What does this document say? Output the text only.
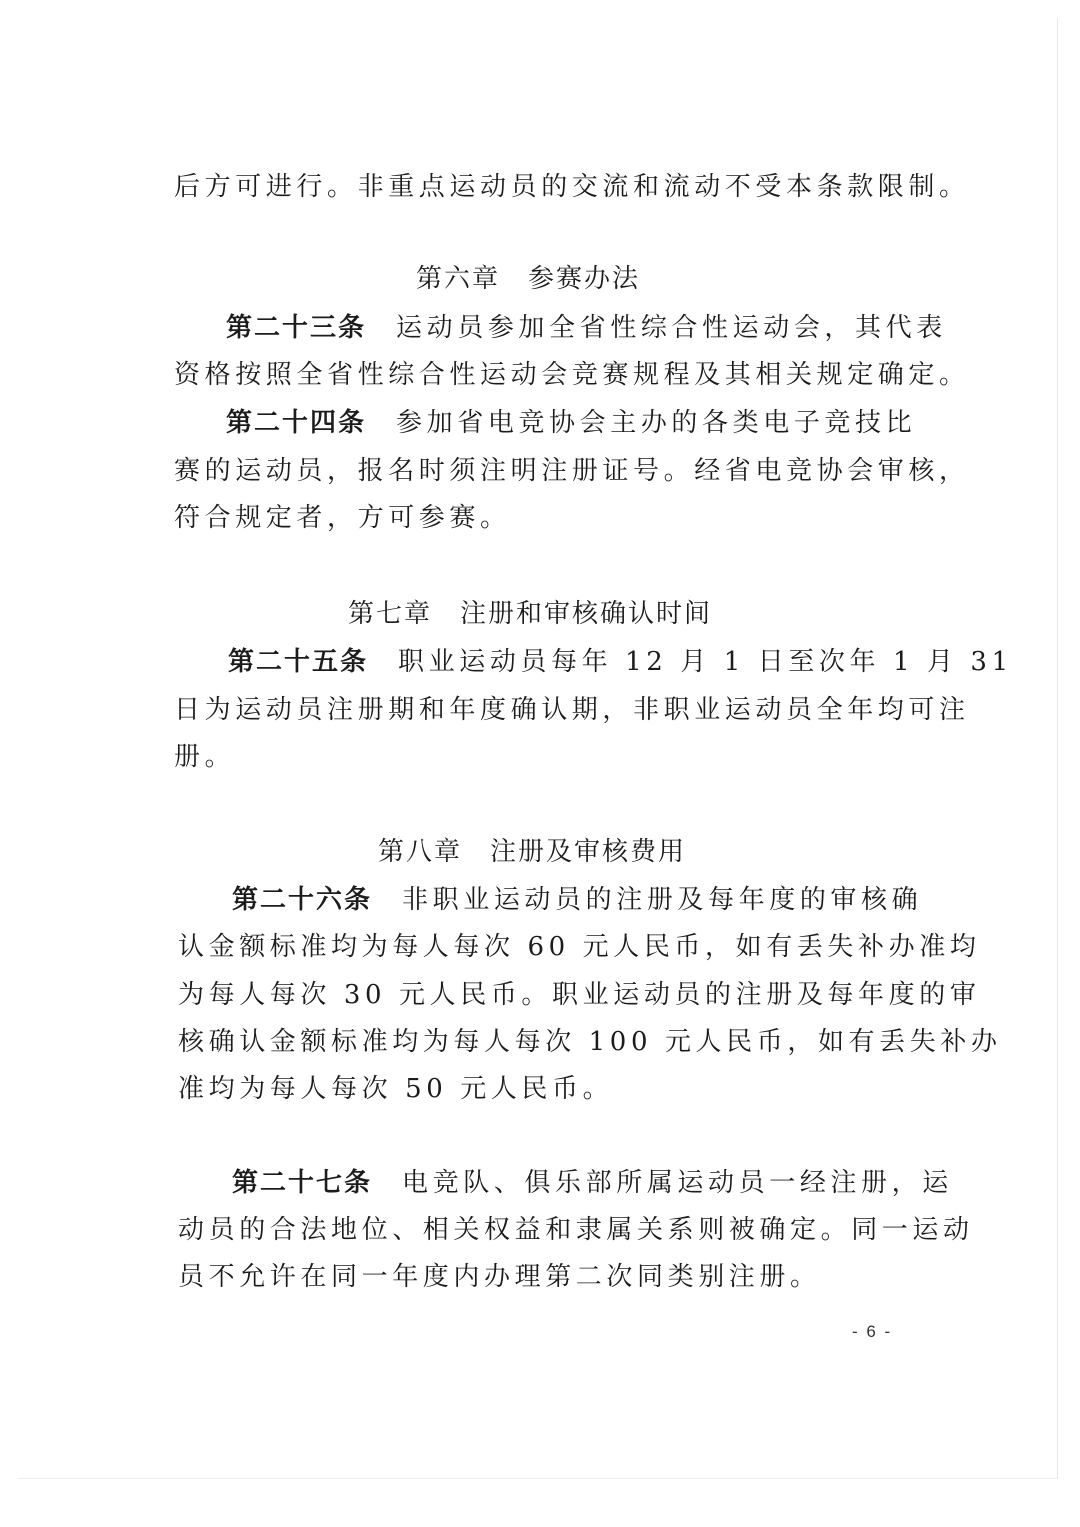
后方可进行。非重点运动员的交流和流动不受本条款限制。
第六章 参赛办法
第二十三条 运动员参加全省性综合性运动会，其代表
资格按照全省性综合性运动会竞赛规程及其相关规定确定。
第二十四条 参加省电竞协会主办的各类电子竞技比
赛的运动员，报名时须注明注册证号。经省电竞协会审核，
符合规定者，方可参赛。
第七章 注册和审核确认时间
第二十五条 职业运动员每年 12 月 1 日至次年 1 月 31
日为运动员注册期和年度确认期，非职业运动员全年均可注
册。
第八章 注册及审核费用
第二十六条 非职业运动员的注册及每年度的审核确
认金额标准均为每人每次 60 元人民币，如有丢失补办准均
为每人每次 30 元人民币。职业运动员的注册及每年度的审
核确认金额标准均为每人每次 100 元人民币，如有丢失补办
准均为每人每次 50 元人民币。
第二十七条 电竞队、俱乐部所属运动员一经注册，运
动员的合法地位、相关权益和隶属关系则被确定。同一运动
员不允许在同一年度内办理第二次同类别注册。
- 6 -
